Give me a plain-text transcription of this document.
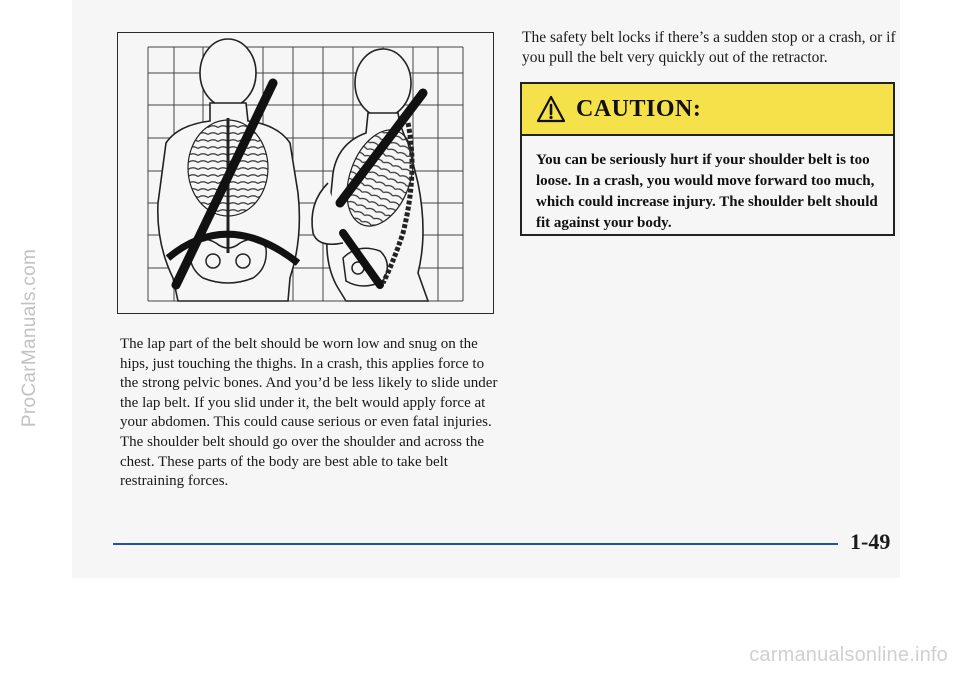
ProCarManuals.com	The lap part of the belt should be worn low and snug on the hips, just touching the thighs. In a crash, this applies force to the strong pelvic bones. And you’d be less likely to slide under the lap belt. If you slid under it, the belt would apply force at your abdomen. This could cause serious or even fatal injuries. The shoulder belt should go over the shoulder and across the chest. These parts of the body are best able to take belt restraining forces.

The safety belt locks if there’s a sudden stop or a crash, or if you pull the belt very quickly out of the retractor.

CAUTION:

You can be seriously hurt if your shoulder belt is too loose. In a crash, you would move forward too much, which could increase injury. The shoulder belt should fit against your body.

1-49
carmanualsonline.info
